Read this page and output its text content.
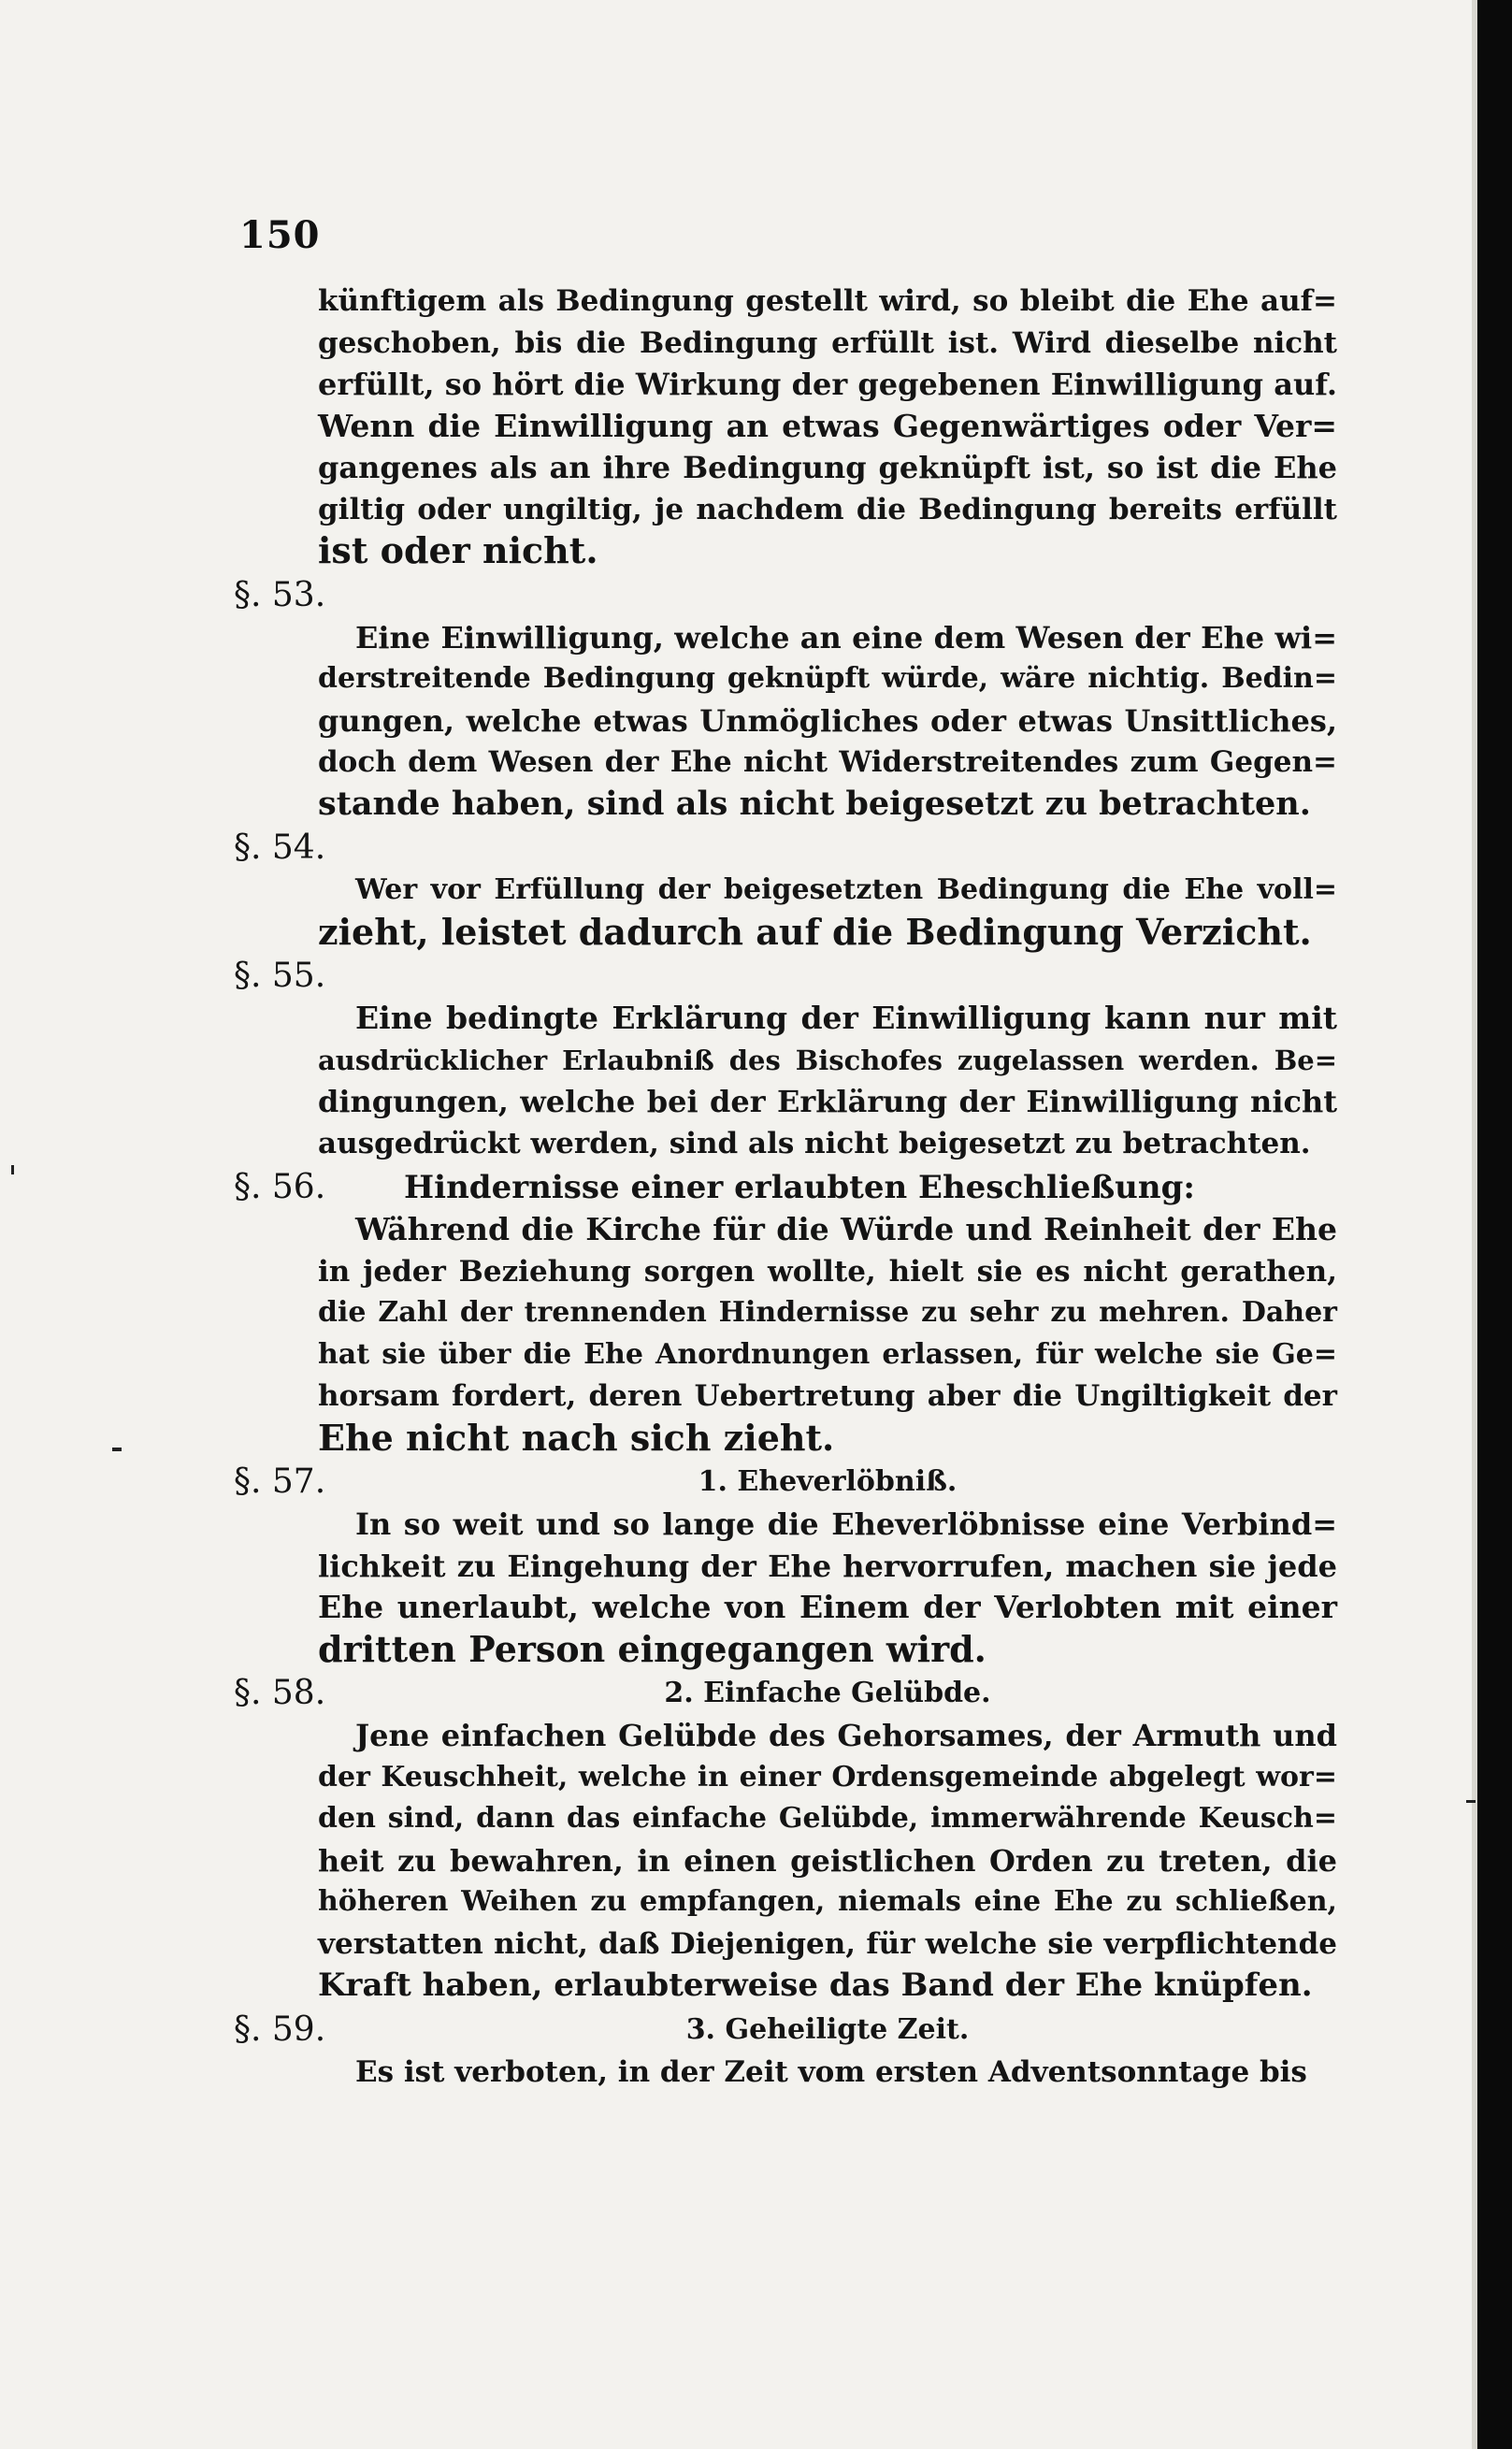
150
künftigem als Bedingung gestellt wird, so bleibt die Ehe auf=
geschoben, bis die Bedingung erfüllt ist. Wird dieselbe nicht
erfüllt, so hört die Wirkung der gegebenen Einwilligung auf.
Wenn die Einwilligung an etwas Gegenwärtiges oder Ver=
gangenes als an ihre Bedingung geknüpft ist, so ist die Ehe
giltig oder ungiltig, je nachdem die Bedingung bereits erfüllt
ist oder nicht.
§. 53.
Eine Einwilligung, welche an eine dem Wesen der Ehe wi=
derstreitende Bedingung geknüpft würde, wäre nichtig. Bedin=
gungen, welche etwas Unmögliches oder etwas Unsittliches,
doch dem Wesen der Ehe nicht Widerstreitendes zum Gegen=
stande haben, sind als nicht beigesetzt zu betrachten.
§. 54.
Wer vor Erfüllung der beigesetzten Bedingung die Ehe voll=
zieht, leistet dadurch auf die Bedingung Verzicht.
§. 55.
Eine bedingte Erklärung der Einwilligung kann nur mit
ausdrücklicher Erlaubniß des Bischofes zugelassen werden. Be=
dingungen, welche bei der Erklärung der Einwilligung nicht
ausgedrückt werden, sind als nicht beigesetzt zu betrachten.
§. 56.	Hindernisse einer erlaubten Eheschließung:
Während die Kirche für die Würde und Reinheit der Ehe
in jeder Beziehung sorgen wollte, hielt sie es nicht gerathen,
die Zahl der trennenden Hindernisse zu sehr zu mehren. Daher
hat sie über die Ehe Anordnungen erlassen, für welche sie Ge=
horsam fordert, deren Uebertretung aber die Ungiltigkeit der
Ehe nicht nach sich zieht.
§. 57.	1. Eheverlöbniß.
In so weit und so lange die Eheverlöbnisse eine Verbind=
lichkeit zu Eingehung der Ehe hervorrufen, machen sie jede
Ehe unerlaubt, welche von Einem der Verlobten mit einer
dritten Person eingegangen wird.
§. 58.	2. Einfache Gelübde.
Jene einfachen Gelübde des Gehorsames, der Armuth und
der Keuschheit, welche in einer Ordensgemeinde abgelegt wor=
den sind, dann das einfache Gelübde, immerwährende Keusch=
heit zu bewahren, in einen geistlichen Orden zu treten, die
höheren Weihen zu empfangen, niemals eine Ehe zu schließen,
verstatten nicht, daß Diejenigen, für welche sie verpflichtende
Kraft haben, erlaubterweise das Band der Ehe knüpfen.
§. 59.	3. Geheiligte Zeit.
Es ist verboten, in der Zeit vom ersten Adventsonntage bis
